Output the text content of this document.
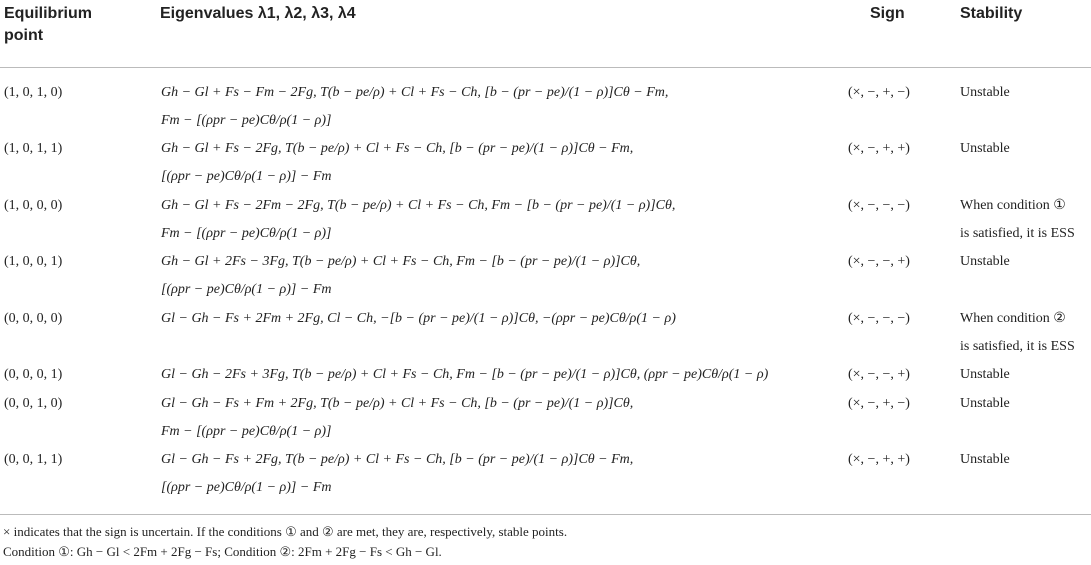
Equilibrium
point
Eigenvalues λ1, λ2, λ3, λ4	Sign	Stability
(1, 0, 1, 0)	Gh − Gl + Fs − Fm − 2Fg, T(b − pe/ρ) + Cl + Fs − Ch, [b − (pr − pe)/(1 − ρ)]Cθ − Fm,
Fm − [(ρpr − pe)Cθ/ρ(1 − ρ)]
(×, −, +, −)	Unstable
(1, 0, 1, 1)	Gh − Gl + Fs − 2Fg, T(b − pe/ρ) + Cl + Fs − Ch, [b − (pr − pe)/(1 − ρ)]Cθ − Fm,
[(ρpr − pe)Cθ/ρ(1 − ρ)] − Fm
(×, −, +, +)	Unstable
(1, 0, 0, 0)	Gh − Gl + Fs − 2Fm − 2Fg, T(b − pe/ρ) + Cl + Fs − Ch, Fm − [b − (pr − pe)/(1 − ρ)]Cθ,
Fm − [(ρpr − pe)Cθ/ρ(1 − ρ)]
(×, −, −, −)	When condition ①
is satisfied, it is ESS
(1, 0, 0, 1)	Gh − Gl + 2Fs − 3Fg, T(b − pe/ρ) + Cl + Fs − Ch, Fm − [b − (pr − pe)/(1 − ρ)]Cθ,
[(ρpr − pe)Cθ/ρ(1 − ρ)] − Fm
(×, −, −, +)	Unstable
(0, 0, 0, 0)	Gl − Gh − Fs + 2Fm + 2Fg, Cl − Ch, −[b − (pr − pe)/(1 − ρ)]Cθ, −(ρpr − pe)Cθ/ρ(1 − ρ)	(×, −, −, −)	When condition ②
is satisfied, it is ESS
(0, 0, 0, 1)	Gl − Gh − 2Fs + 3Fg, T(b − pe/ρ) + Cl + Fs − Ch, Fm − [b − (pr − pe)/(1 − ρ)]Cθ, (ρpr − pe)Cθ/ρ(1 − ρ)	(×, −, −, +)	Unstable
(0, 0, 1, 0)	Gl − Gh − Fs + Fm + 2Fg, T(b − pe/ρ) + Cl + Fs − Ch, [b − (pr − pe)/(1 − ρ)]Cθ,
Fm − [(ρpr − pe)Cθ/ρ(1 − ρ)]
(×, −, +, −)	Unstable
(0, 0, 1, 1)	Gl − Gh − Fs + 2Fg, T(b − pe/ρ) + Cl + Fs − Ch, [b − (pr − pe)/(1 − ρ)]Cθ − Fm,
[(ρpr − pe)Cθ/ρ(1 − ρ)] − Fm
(×, −, +, +)	Unstable
× indicates that the sign is uncertain. If the conditions ① and ② are met, they are, respectively, stable points.
Condition ①: Gh − Gl < 2Fm + 2Fg − Fs; Condition ②: 2Fm + 2Fg − Fs < Gh − Gl.
